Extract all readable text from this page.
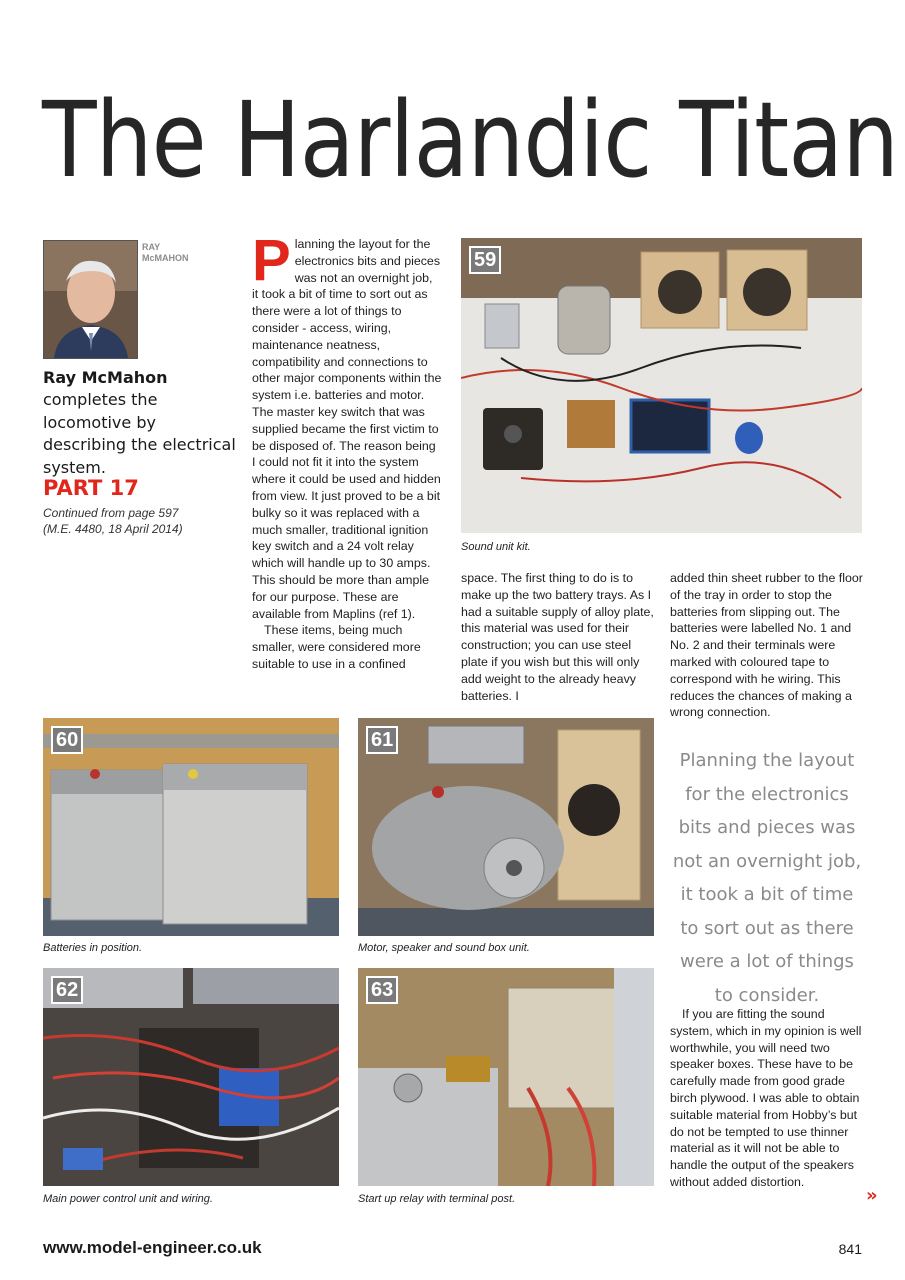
The Harlandic Titan
RAY
McMAHON
Ray McMahon
completes the locomotive by describing the electrical system.
PART 17
Continued from page 597
(M.E. 4480, 18 April 2014)
P lanning the layout for the electronics bits and pieces was not an overnight job, it took a bit of time to sort out as there were a lot of things to consider - access, wiring, maintenance neatness, compatibility and connections to other major components within the system i.e. batteries and motor. The master key switch that was supplied became the first victim to be disposed of. The reason being I could not fit it into the system where it could be used and hidden from view. It just proved to be a bit bulky so it was replaced with a much smaller, traditional ignition key switch and a 24 volt relay which will handle up to 30 amps. This should be more than ample for our purpose. These are available from Maplins (ref 1).

These items, being much smaller, were considered more suitable to use in a confined

59
Sound unit kit.
space. The first thing to do is to make up the two battery trays. As I had a suitable supply of alloy plate, this material was used for their construction; you can use steel plate if you wish but this will only add weight to the already heavy batteries. I
added thin sheet rubber to the floor of the tray in order to stop the batteries from slipping out. The batteries were labelled No. 1 and No. 2 and their terminals were marked with coloured tape to correspond with he wiring. This reduces the chances of making a wrong connection.
60
Batteries in position.
61
Motor, speaker and sound box unit.
Planning the layout for the electronics bits and pieces was not an overnight job, it took a bit of time to sort out as there were a lot of things to consider.
If you are fitting the sound system, which in my opinion is well worthwhile, you will need two speaker boxes. These have to be carefully made from good grade birch plywood. I was able to obtain suitable material from Hobby’s but do not be tempted to use thinner material as it will not be able to handle the output of the speakers without added distortion.
»
62
Main power control unit and wiring.
63
Start up relay with terminal post.
www.model-engineer.co.uk	841
